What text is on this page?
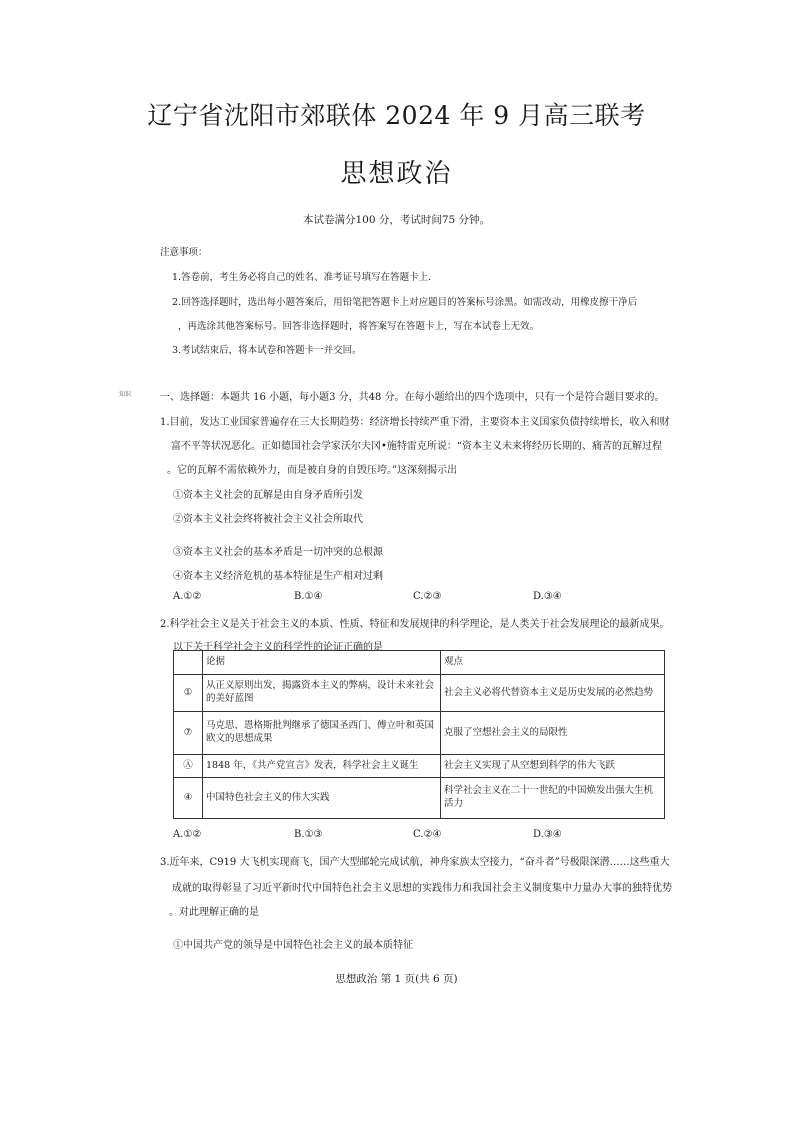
辽宁省沈阳市郊联体 2024 年 9 月高三联考
思想政治
本试卷满分100 分，考试时间75 分钟。
注意事项：
1.答卷前，考生务必将自己的姓名、准考证号填写在答题卡上.
2.回答选择题时，选出每小题答案后，用铅笔把答题卡上对应题目的答案标号涂黑。如需改动，用橡皮擦干净后
，再选涂其他答案标号。回答非选择题时，将答案写在答题卡上，写在本试卷上无效。
3.考试结束后，将本试卷和答题卡一并交回。
知识	一、选择题：本题共 16 小题，每小题3 分，共48 分。在每小题给出的四个选项中，只有一个是符合题目要求的。
1.目前，发达工业国家普遍存在三大长期趋势：经济增长持续严重下滑，主要资本主义国家负债持续增长，收入和财
富不平等状况恶化。正如德国社会学家沃尔夫冈•施特雷克所说：“资本主义未来将经历长期的、痛苦的瓦解过程
。它的瓦解不需依赖外力，而是被自身的自毁压垮。”这深刻揭示出
①资本主义社会的瓦解是由自身矛盾所引发
②资本主义社会终将被社会主义社会所取代
③资本主义社会的基本矛盾是一切冲突的总根源
④资本主义经济危机的基本特征是生产相对过剩
A.①②	B.①④	C.②③	D.③④
2.科学社会主义是关于社会主义的本质、性质、特征和发展规律的科学理论，是人类关于社会发展理论的最新成果。
以下关于科学社会主义的科学性的论证正确的是
	论据	观点
①	从正义原则出发，揭露资本主义的弊病，设计未来社会的美好蓝图	社会主义必将代替资本主义是历史发展的必然趋势
⑦	马克思、恩格斯批判继承了德国圣西门、傅立叶和英国欧文的思想成果	克服了空想社会主义的局限性
Ⓐ	1848 年，《共产党宣言》发表，科学社会主义诞生	社会主义实现了从空想到科学的伟大飞跃
④	中国特色社会主义的伟大实践	科学社会主义在二十一世纪的中国焕发出强大生机活力
A.①②	B.①③	C.②④	D.③④
3.近年来，C919 大飞机实现商飞，国产大型邮轮完成试航，神舟家族太空接力，“奋斗者”号极限深潜……这些重大
成就的取得彰显了习近平新时代中国特色社会主义思想的实践伟力和我国社会主义制度集中力量办大事的独特优势
。对此理解正确的是
①中国共产党的领导是中国特色社会主义的最本质特征
思想政治 第 1 页(共 6 页)
